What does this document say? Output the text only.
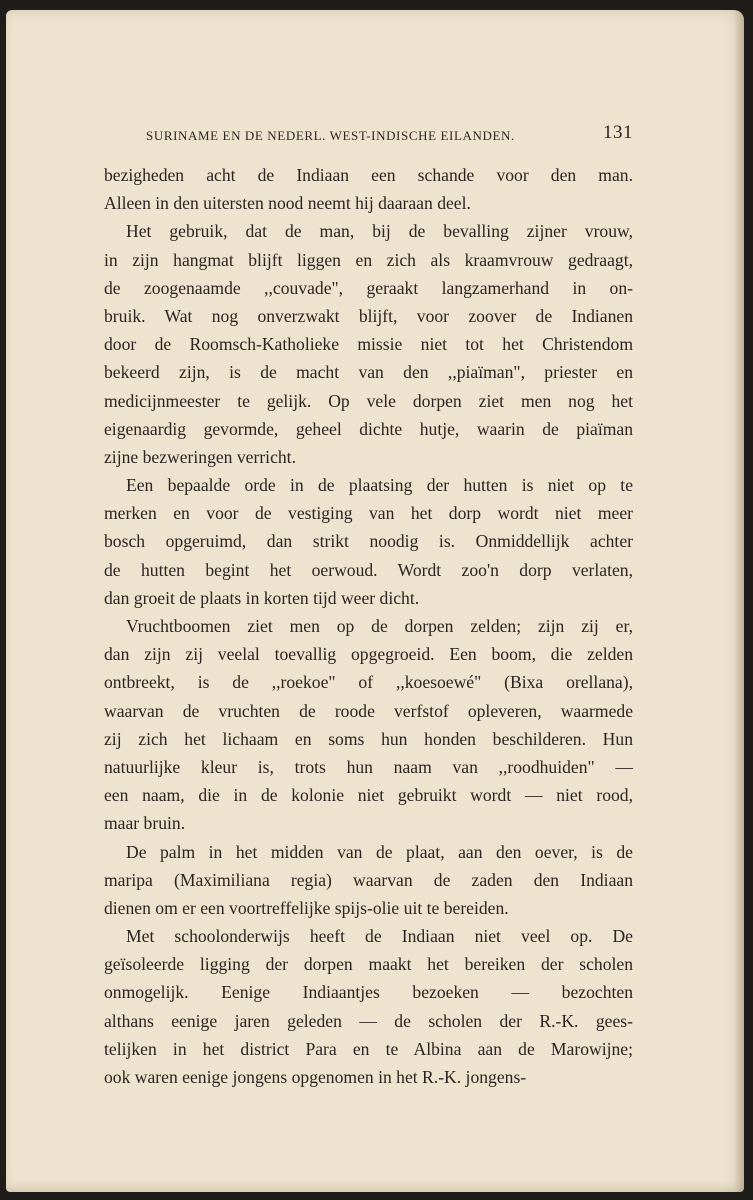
SURINAME EN DE NEDERL. WEST-INDISCHE EILANDEN.	131
bezigheden acht de Indiaan een schande voor den man.
Alleen in den uitersten nood neemt hij daaraan deel.
Het gebruik, dat de man, bij de bevalling zijner vrouw,
in zijn hangmat blijft liggen en zich als kraamvrouw gedraagt,
de zoogenaamde ,,couvade", geraakt langzamerhand in on-
bruik. Wat nog onverzwakt blijft, voor zoover de Indianen
door de Roomsch-Katholieke missie niet tot het Christendom
bekeerd zijn, is de macht van den ,,piaïman", priester en
medicijnmeester te gelijk. Op vele dorpen ziet men nog het
eigenaardig gevormde, geheel dichte hutje, waarin de piaïman
zijne bezweringen verricht.
Een bepaalde orde in de plaatsing der hutten is niet op te
merken en voor de vestiging van het dorp wordt niet meer
bosch opgeruimd, dan strikt noodig is. Onmiddellijk achter
de hutten begint het oerwoud. Wordt zoo'n dorp verlaten,
dan groeit de plaats in korten tijd weer dicht.
Vruchtboomen ziet men op de dorpen zelden; zijn zij er,
dan zijn zij veelal toevallig opgegroeid. Een boom, die zelden
ontbreekt, is de ,,roekoe" of ,,koesoewé" (Bixa orellana),
waarvan de vruchten de roode verfstof opleveren, waarmede
zij zich het lichaam en soms hun honden beschilderen. Hun
natuurlijke kleur is, trots hun naam van ,,roodhuiden" —
een naam, die in de kolonie niet gebruikt wordt — niet rood,
maar bruin.
De palm in het midden van de plaat, aan den oever, is de
maripa (Maximiliana regia) waarvan de zaden den Indiaan
dienen om er een voortreffelijke spijs-olie uit te bereiden.
Met schoolonderwijs heeft de Indiaan niet veel op. De
geïsoleerde ligging der dorpen maakt het bereiken der scholen
onmogelijk. Eenige Indiaantjes bezoeken — bezochten
althans eenige jaren geleden — de scholen der R.-K. gees-
telijken in het district Para en te Albina aan de Marowijne;
ook waren eenige jongens opgenomen in het R.-K. jongens-
